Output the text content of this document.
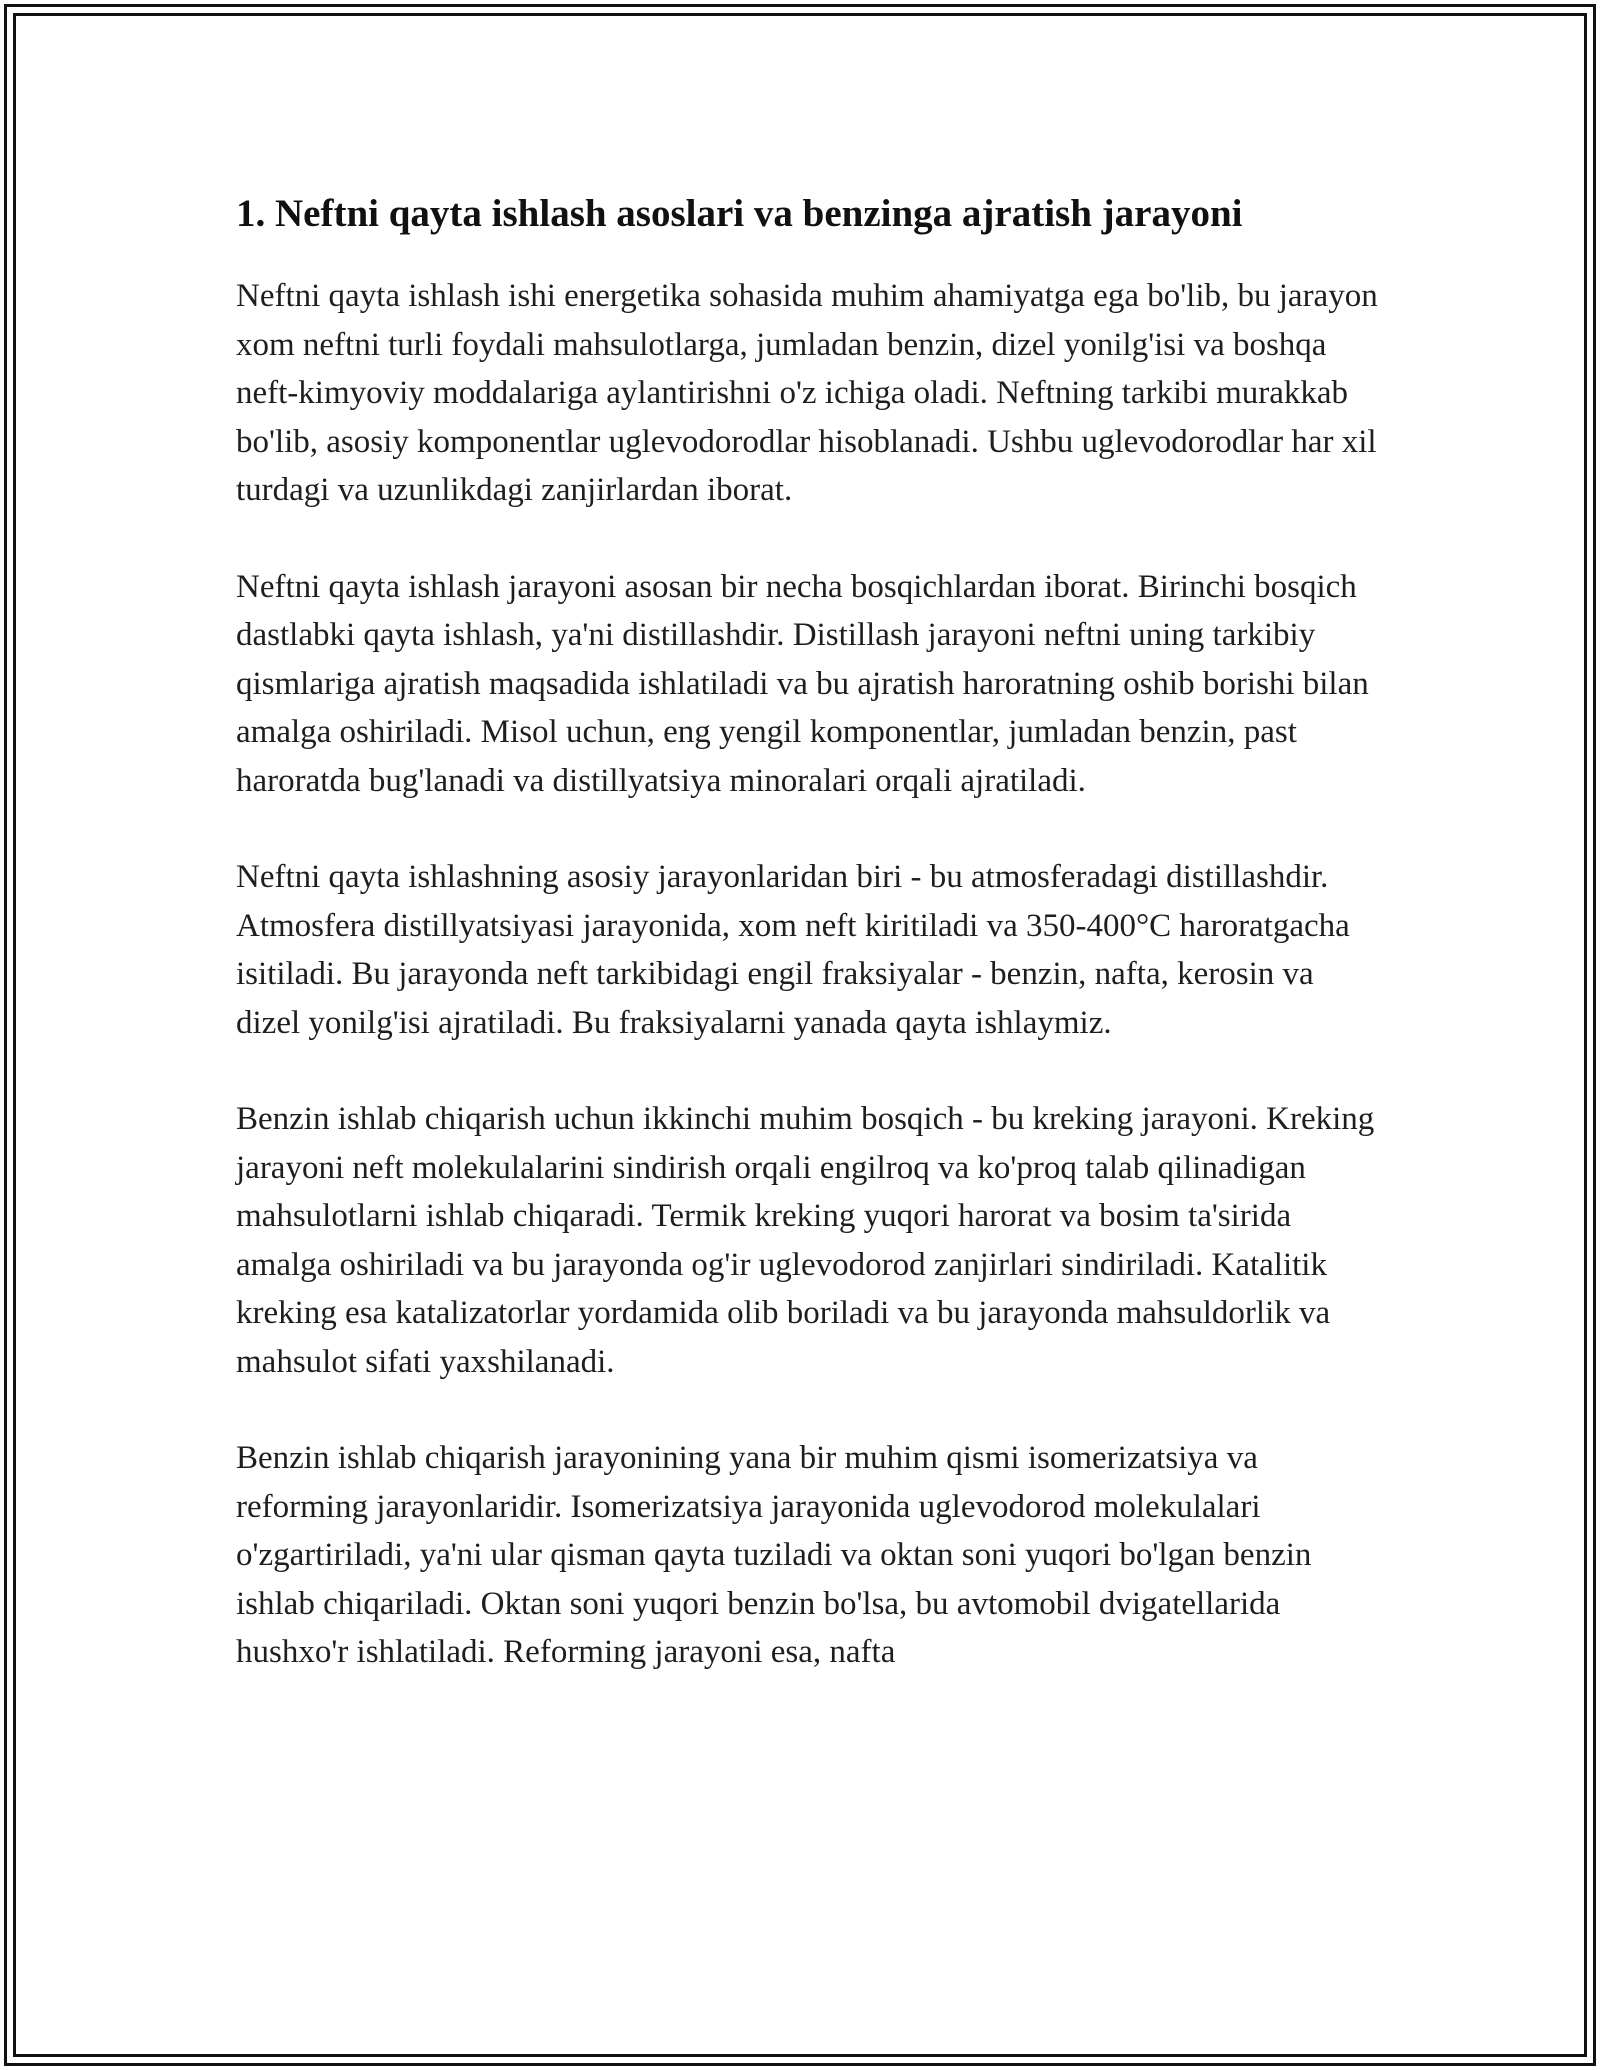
1. Neftni qayta ishlash asoslari va benzinga ajratish jarayoni

Neftni qayta ishlash ishi energetika sohasida muhim ahamiyatga ega bo'lib, bu jarayon xom neftni turli foydali mahsulotlarga, jumladan benzin, dizel yonilg'isi va boshqa neft-kimyoviy moddalariga aylantirishni o'z ichiga oladi. Neftning tarkibi murakkab bo'lib, asosiy komponentlar uglevodorodlar hisoblanadi. Ushbu uglevodorodlar har xil turdagi va uzunlikdagi zanjirlardan iborat.

Neftni qayta ishlash jarayoni asosan bir necha bosqichlardan iborat. Birinchi bosqich dastlabki qayta ishlash, ya'ni distillashdir. Distillash jarayoni neftni uning tarkibiy qismlariga ajratish maqsadida ishlatiladi va bu ajratish haroratning oshib borishi bilan amalga oshiriladi. Misol uchun, eng yengil komponentlar, jumladan benzin, past haroratda bug'lanadi va distillyatsiya minoralari orqali ajratiladi.

Neftni qayta ishlashning asosiy jarayonlaridan biri - bu atmosferadagi distillashdir. Atmosfera distillyatsiyasi jarayonida, xom neft kiritiladi va 350-400°C haroratgacha isitiladi. Bu jarayonda neft tarkibidagi engil fraksiyalar - benzin, nafta, kerosin va dizel yonilg'isi ajratiladi. Bu fraksiyalarni yanada qayta ishlaymiz.

Benzin ishlab chiqarish uchun ikkinchi muhim bosqich - bu kreking jarayoni. Kreking jarayoni neft molekulalarini sindirish orqali engilroq va ko'proq talab qilinadigan mahsulotlarni ishlab chiqaradi. Termik kreking yuqori harorat va bosim ta'sirida amalga oshiriladi va bu jarayonda og'ir uglevodorod zanjirlari sindiriladi. Katalitik kreking esa katalizatorlar yordamida olib boriladi va bu jarayonda mahsuldorlik va mahsulot sifati yaxshilanadi.

Benzin ishlab chiqarish jarayonining yana bir muhim qismi isomerizatsiya va reforming jarayonlaridir. Isomerizatsiya jarayonida uglevodorod molekulalari o'zgartiriladi, ya'ni ular qisman qayta tuziladi va oktan soni yuqori bo'lgan benzin ishlab chiqariladi. Oktan soni yuqori benzin bo'lsa, bu avtomobil dvigatellarida hushxo'r ishlatiladi. Reforming jarayoni esa, nafta
